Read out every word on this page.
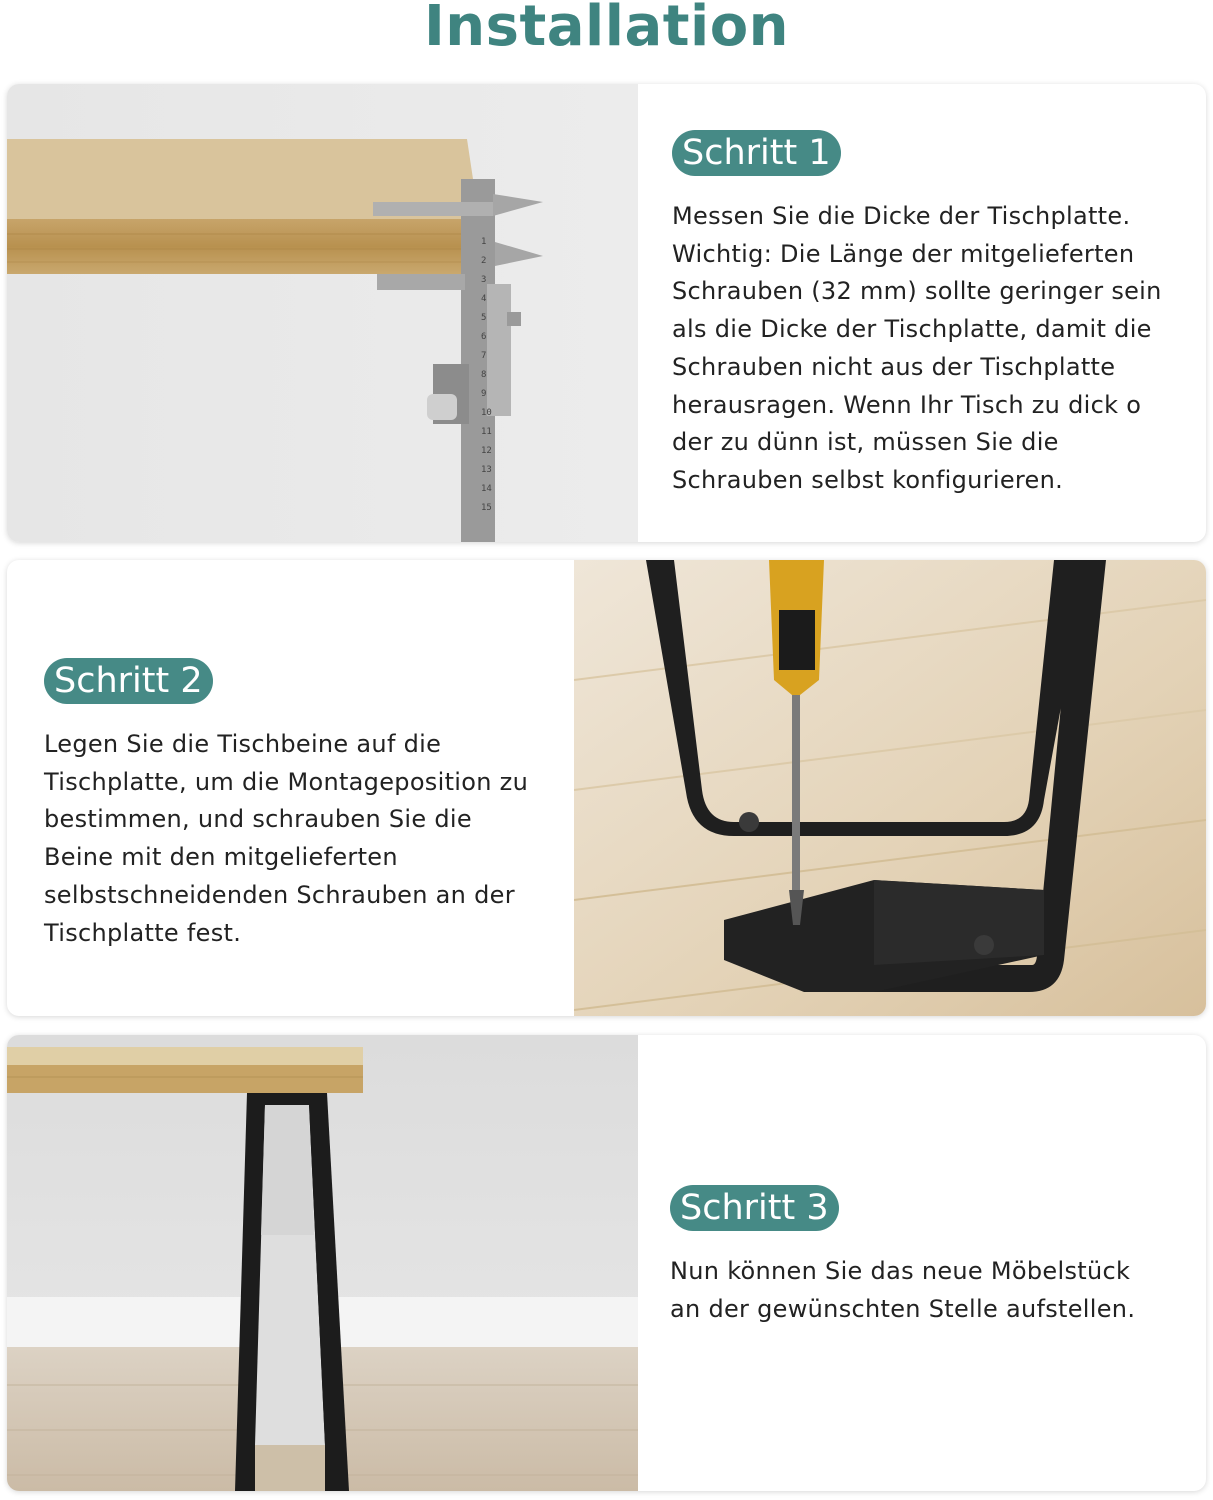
Installation
1
2
3
4
5
6
7
8
9
10
11
12
13
14
15
Schritt 1
Messen Sie die Dicke der Tischplatte.
Wichtig: Die Länge der mitgelieferten
Schrauben (32 mm) sollte geringer sein
als die Dicke der Tischplatte, damit die
Schrauben nicht aus der Tischplatte
herausragen. Wenn Ihr Tisch zu dick o
der zu dünn ist, müssen Sie die
Schrauben selbst konfigurieren.
Schritt 2
Legen Sie die Tischbeine auf die
Tischplatte, um die Montageposition zu
bestimmen, und schrauben Sie die
Beine mit den mitgelieferten
selbstschneidenden Schrauben an der
Tischplatte fest.
Schritt 3
Nun können Sie das neue Möbelstück
an der gewünschten Stelle aufstellen.
